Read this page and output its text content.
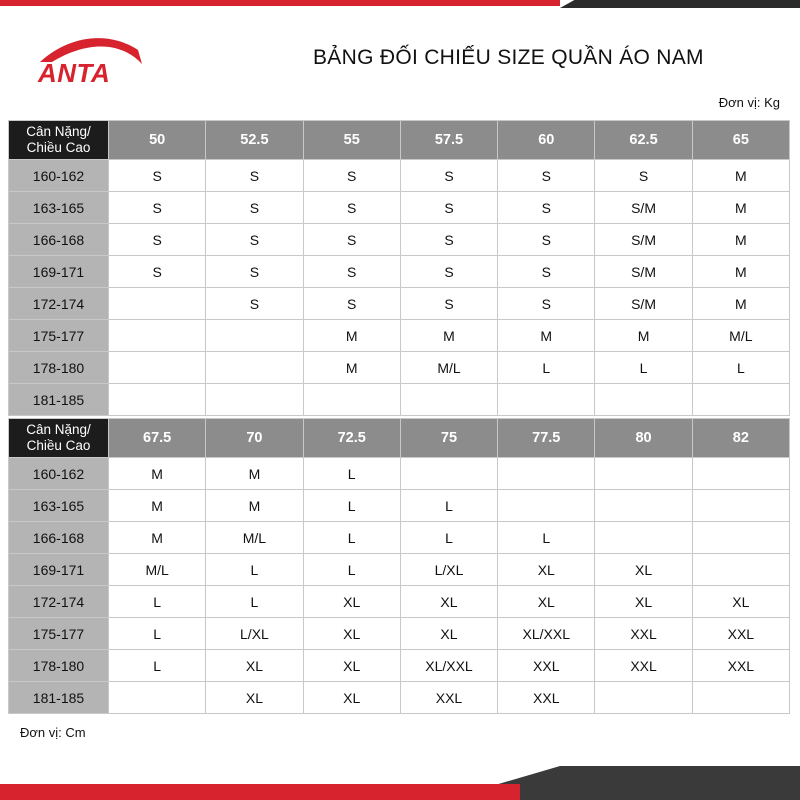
ANTA
BẢNG ĐỐI CHIẾU SIZE QUẦN ÁO NAM
Đơn vị: Kg
Cân Nặng/
Chiều Cao	50	52.5	55	57.5	60	62.5	65
160-162	S	S	S	S	S	S	M
163-165	S	S	S	S	S	S/M	M
166-168	S	S	S	S	S	S/M	M
169-171	S	S	S	S	S	S/M	M
172-174		S	S	S	S	S/M	M
175-177			M	M	M	M	M/L
178-180			M	M/L	L	L	L
181-185							
Cân Nặng/
Chiều Cao	67.5	70	72.5	75	77.5	80	82
160-162	M	M	L				
163-165	M	M	L	L			
166-168	M	M/L	L	L	L		
169-171	M/L	L	L	L/XL	XL	XL	
172-174	L	L	XL	XL	XL	XL	XL
175-177	L	L/XL	XL	XL	XL/XXL	XXL	XXL
178-180	L	XL	XL	XL/XXL	XXL	XXL	XXL
181-185		XL	XL	XXL	XXL		
Đơn vị: Cm
